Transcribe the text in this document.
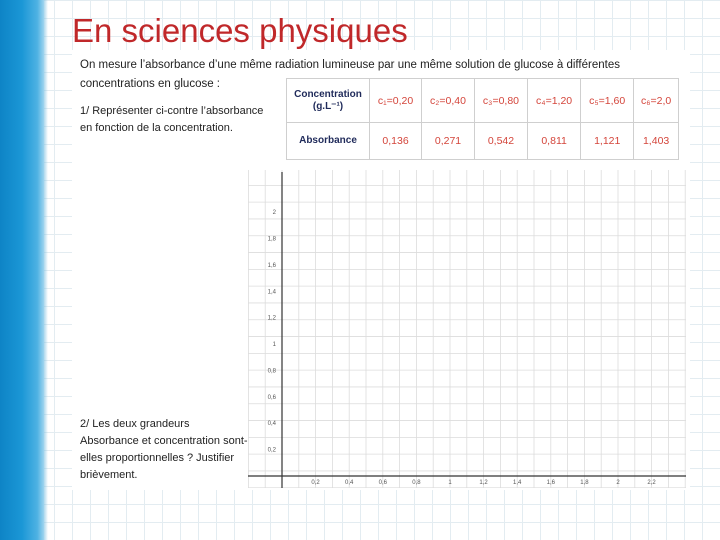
En sciences physiques

On mesure l’absorbance d’une même radiation lumineuse par une même solution de glucose à différentes concentrations en glucose :

1/ Représenter ci-contre l’absorbance en fonction de la concentration.

Concentration (g.L⁻¹)	c₁=0,20	c₂=0,40	c₃=0,80	c₄=1,20	c₅=1,60	c₆=2,0
Absorbance	0,136	0,271	0,542	0,811	1,121	1,403
0,2	0,4	0,6	0,8	1	1,2	1,4	1,6	1,8	2	2,2
0,2
0,4
0,6
0,8
1
1,2
1,4
1,6
1,8
2

2/ Les deux grandeurs Absorbance et concentration sont-elles proportionnelles ? Justifier brièvement.
